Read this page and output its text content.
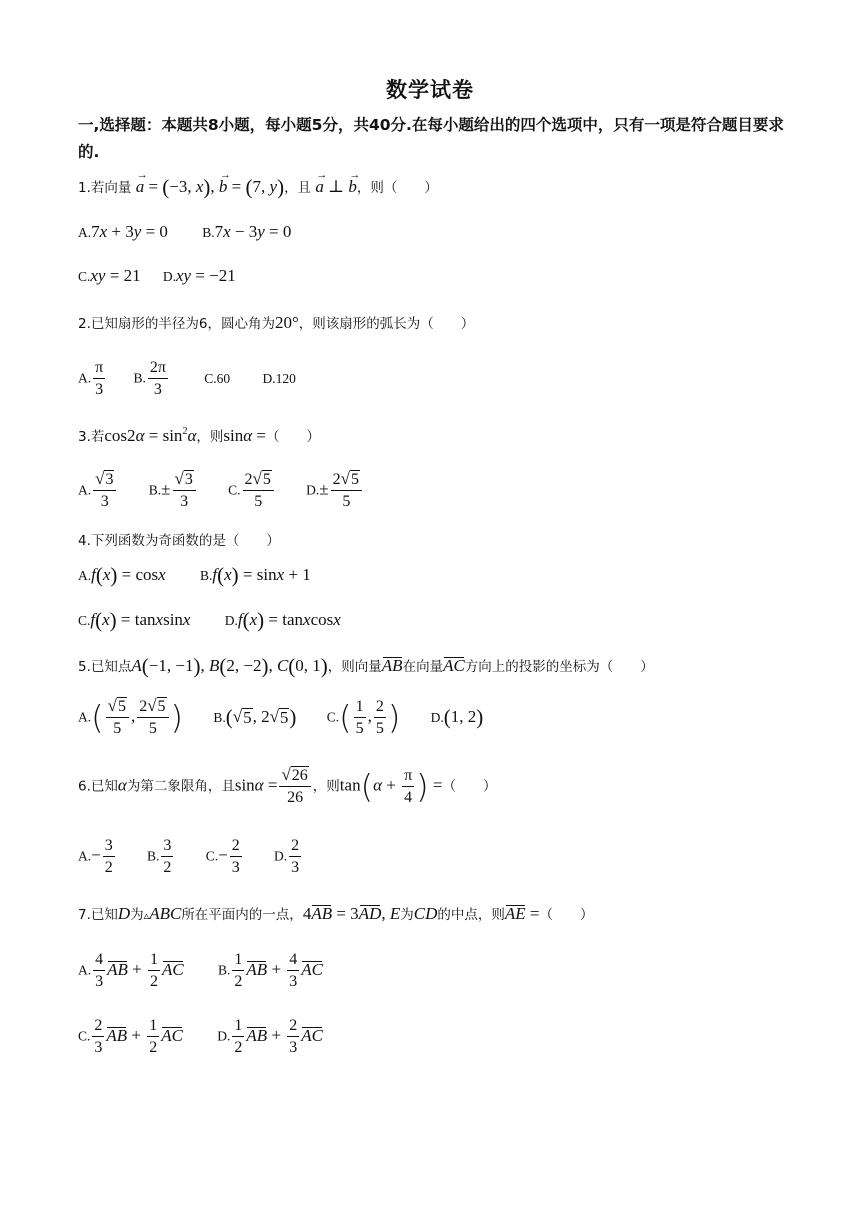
数学试卷
一,选择题：本题共8小题，每小题5分，共40分.在每小题给出的四个选项中，只有一项是符合题目要求的.
1.若向量 a
→
= (−3, x), b
→
= (7, y)，且 a
→
⊥ b
→
，则（　　）
A.7x + 3y = 0	B.7x − 3y = 0
C.xy = 21 D.xy = −21
2.已知扇形的半径为6，圆心角为20°，则该扇形的弧长为（　　）
A. $\frac{\pi}{3} B$. $\frac{2\pi}{3}$	C.60 D.120
3.若$\cos 2\alpha = \sin^2\alpha$，则sinα =（　　）
A. $\frac{√ 3}{3} B.\pm \frac{√ 3}{3} C$. $\frac{2 √ 5}{5} D.\pm \frac{2 √ 5}{5}$
4.下列函数为奇函数的是（　　）
A.f(x) = cosx	B.f(x) = sinx + 1
C.f(x) = tanxsinx	D.f(x) = tanxcosx
5.已知点A(−1, −1), B(2, −2), C(0, 1)，则向量AB在向量AC方向上的投影的坐标为（　　）
$A.( \frac{√ 5}{5}$ , $\frac{2 √ 5}{5}$ ) B.( √ 5 , 2 √ 5 ) $C.( \frac{1}{5}$ , $\frac{2}{5}$ ) D.(1, 2)
6.已知α为第二象限角，且$\sin\alpha = \frac{√ 26}{26}$ ，则$\tan(\alpha + \frac{\pi}{4}$ ) =（　　）
$A.- \frac{3}{2} B$. $\frac{3}{2} C.- \frac{2}{3} D$. $\frac{2}{3}$
7.已知D为▵ABC所在平面内的一点，4AB = 3AD, E为CD的中点，则AE =（　　）
A. $\frac{4}{3}$ AB + $\frac{1}{2}$ AC	B. $\frac{1}{2}$ AB + $\frac{4}{3}$ AC
C. $\frac{2}{3}$ AB + $\frac{1}{2}$ AC	D. $\frac{1}{2}$ AB + $\frac{2}{3}$ AC
